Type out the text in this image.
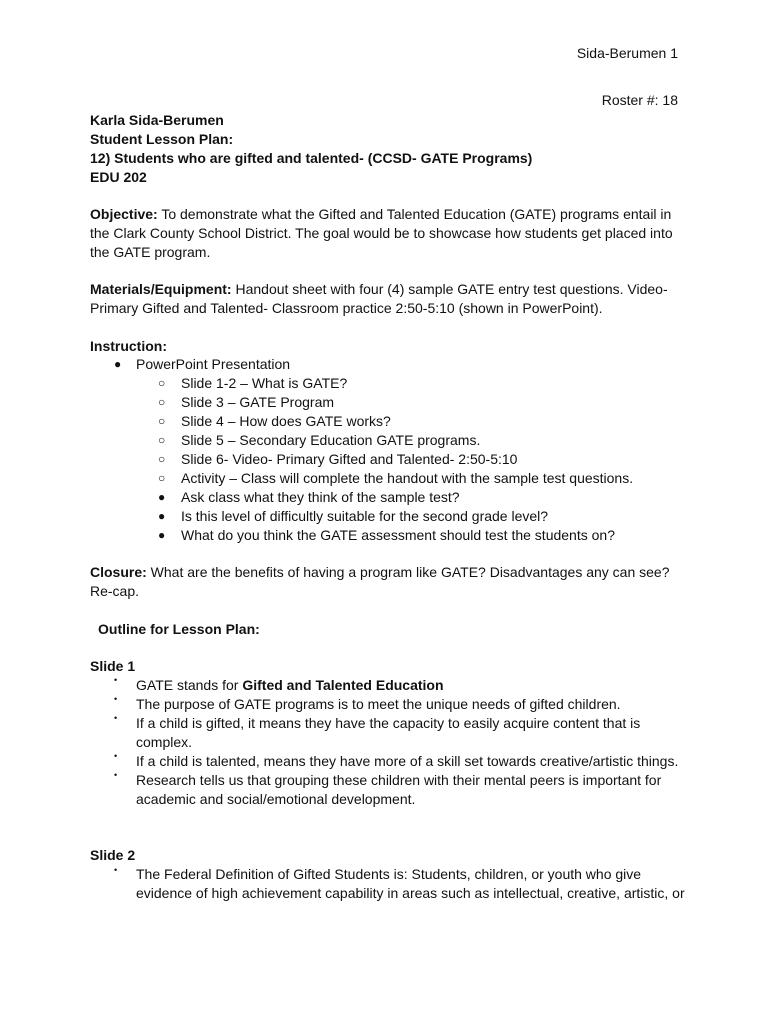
Sida-Berumen 1
Roster #: 18
Karla Sida-Berumen
Student Lesson Plan:
12) Students who are gifted and talented- (CCSD- GATE Programs)
EDU 202
Objective: To demonstrate what the Gifted and Talented Education (GATE) programs entail in
the Clark County School District. The goal would be to showcase how students get placed into
the GATE program.
Materials/Equipment: Handout sheet with four (4) sample GATE entry test questions. Video-
Primary Gifted and Talented- Classroom practice 2:50-5:10 (shown in PowerPoint).
Instruction:
● PowerPoint Presentation
○ Slide 1-2 – What is GATE?
○ Slide 3 – GATE Program
○ Slide 4 – How does GATE works?
○ Slide 5 – Secondary Education GATE programs.
○ Slide 6- Video- Primary Gifted and Talented- 2:50-5:10
○ Activity – Class will complete the handout with the sample test questions.
● Ask class what they think of the sample test?
● Is this level of difficultly suitable for the second grade level?
● What do you think the GATE assessment should test the students on?
Closure: What are the benefits of having a program like GATE? Disadvantages any can see?
Re-cap.
Outline for Lesson Plan:
Slide 1
• GATE stands for Gifted and Talented Education
• The purpose of GATE programs is to meet the unique needs of gifted children.
• If a child is gifted, it means they have the capacity to easily acquire content that is
complex.
• If a child is talented, means they have more of a skill set towards creative/artistic things.
• Research tells us that grouping these children with their mental peers is important for
academic and social/emotional development.
Slide 2
• The Federal Definition of Gifted Students is: Students, children, or youth who give
evidence of high achievement capability in areas such as intellectual, creative, artistic, or
